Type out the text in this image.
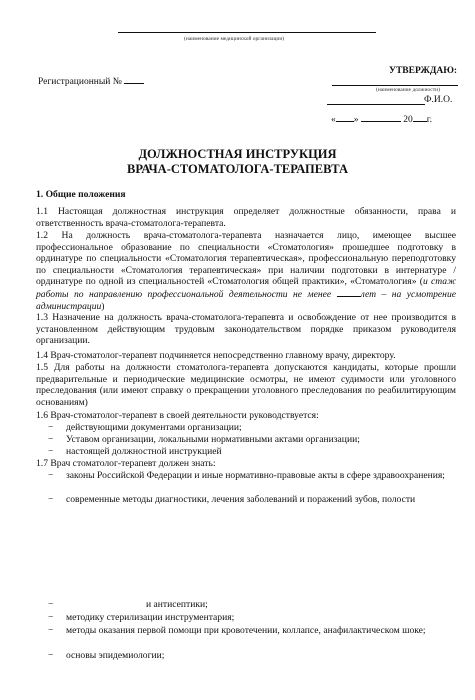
(наименование медицинской организации)
Регистрационный №
УТВЕРЖДАЮ:
(наименование должности)
Ф.И.О.
« »	20 г.
ДОЛЖНОСТНАЯ ИНСТРУКЦИЯ
ВРАЧА-СТОМАТОЛОГА-ТЕРАПЕВТА
1. Общие положения
1.1 Настоящая должностная инструкция определяет должностные обязанности, права и ответственность врача-стоматолога-терапевта.
1.2 На должность врача-стоматолога-терапевта назначается лицо, имеющее высшее профессиональное образование по специальности «Стоматология» прошедшее подготовку в ординатуре по специальности «Стоматология терапевтическая», профессиональную переподготовку по специальности «Стоматология терапевтическая» при наличии подготовки в интернатуре / ординатуре по одной из специальностей «Стоматология общей практики», «Стоматология» (и стаж работы по направлению профессиональной деятельности не менее	лет – на усмотрение администрации)
1.3 Назначение на должность врача-стоматолога-терапевта и освобождение от нее производится в установленном действующим трудовым законодательством порядке приказом руководителя организации.
1.4 Врач-стоматолог-терапевт подчиняется непосредственно главному врачу, директору.
1.5 Для работы на должности стоматолога-терапевта допускаются кандидаты, которые прошли предварительные и периодические медицинские осмотры, не имеют судимости или уголовного преследования (или имеют справку о прекращении уголовного преследования по реабилитирующим основаниям)
1.6 Врач-стоматолог-терапевт в своей деятельности руководствуется:
−	действующими документами организации;
−	Уставом организации, локальными нормативными актами организации;
−	настоящей должностной инструкцией
1.7 Врач стоматолог-терапевт должен знать:
−	законы Российской Федерации и иные нормативно-правовые акты в сфере здравоохранения;
−	современные методы диагностики, лечения заболеваний и поражений зубов, полости
−	и антисептики;
−	методику стерилизации инструментария;
−	методы оказания первой помощи при кровотечении, коллапсе, анафилактическом шоке;
−	основы эпидемиологии;
